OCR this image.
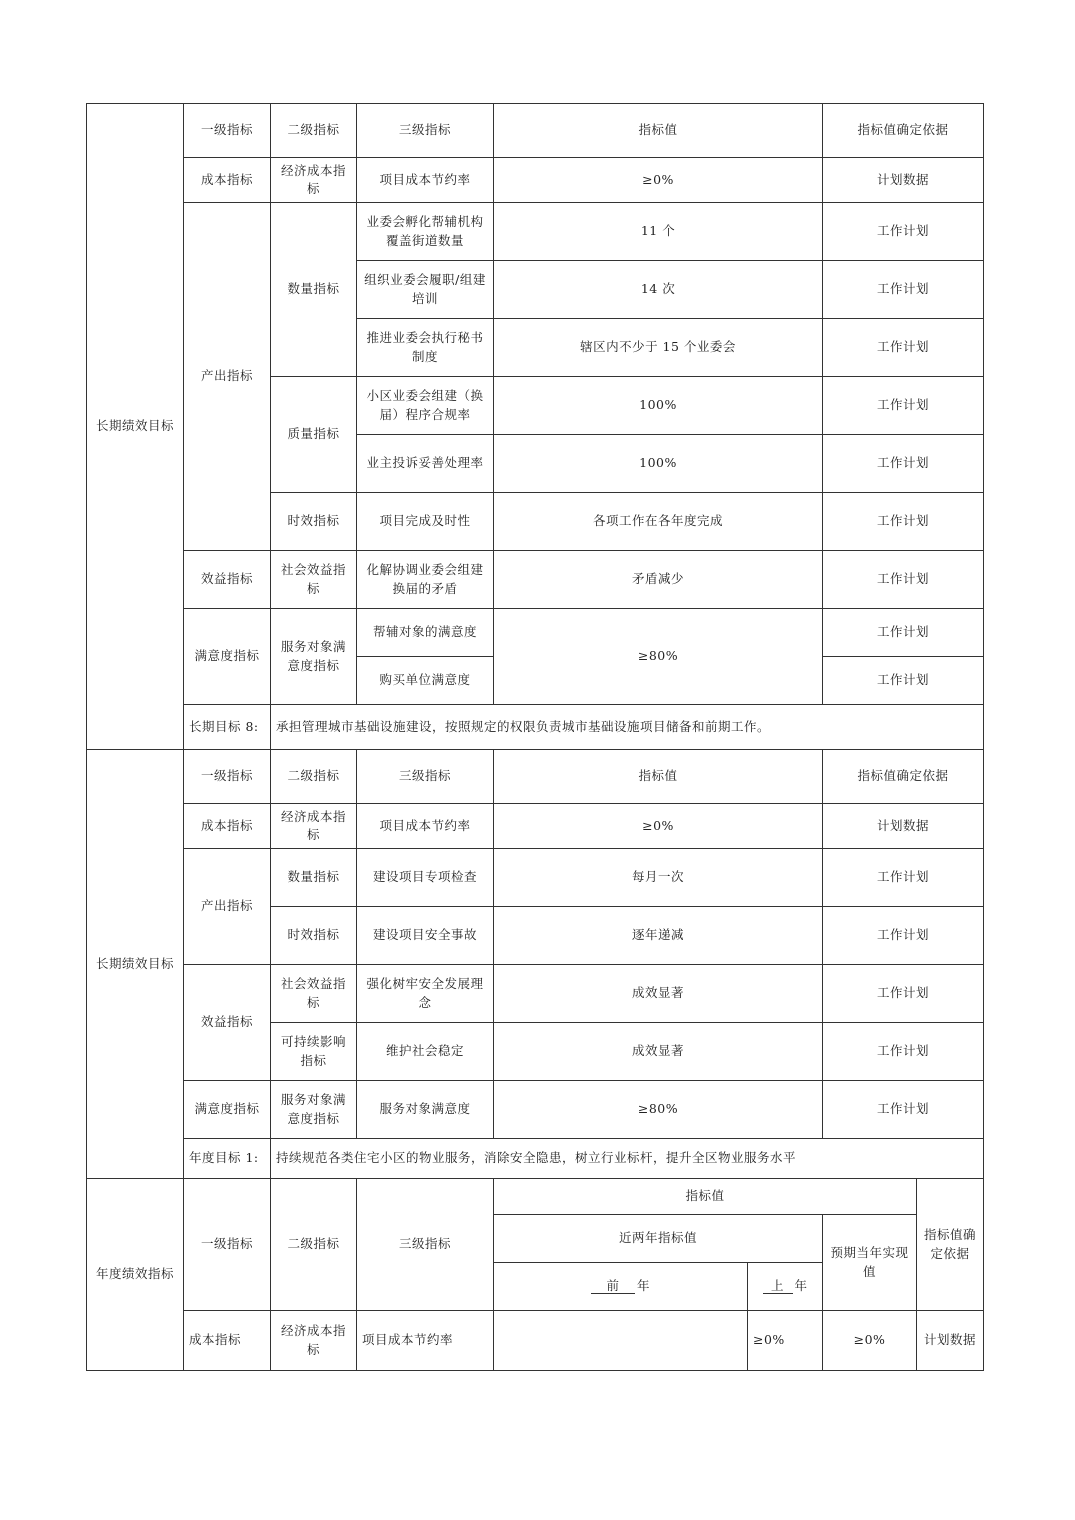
长期绩效目标	一级指标	二级指标	三级指标	指标值		指标值确定依据	
	成本指标	经济成本指标	项目成本节约率	≥0%		计划数据	
	产出指标	数量指标	业委会孵化帮辅机构覆盖街道数量	11 个		工作计划	
			组织业委会履职/组建培训	14 次		工作计划	
			推进业委会执行秘书制度	辖区内不少于 15 个业委会		工作计划	
		质量指标	小区业委会组建（换届）程序合规率	100%		工作计划	
			业主投诉妥善处理率	100%		工作计划	
		时效指标	项目完成及时性	各项工作在各年度完成		工作计划	
	效益指标	社会效益指标	化解协调业委会组建换届的矛盾	矛盾减少		工作计划	
	满意度指标	服务对象满意度指标	帮辅对象的满意度	≥80%		工作计划	
			购买单位满意度			工作计划	
	长期目标 8:	承担管理城市基础设施建设，按照规定的权限负责城市基础设施项目储备和前期工作。					
长期绩效目标	一级指标	二级指标	三级指标	指标值		指标值确定依据	
	成本指标	经济成本指标	项目成本节约率	≥0%		计划数据	
	产出指标	数量指标	建设项目专项检查	每月一次		工作计划	
		时效指标	建设项目安全事故	逐年递减		工作计划	
	效益指标	社会效益指标	强化树牢安全发展理念	成效显著		工作计划	
		可持续影响指标	维护社会稳定	成效显著		工作计划	
	满意度指标	服务对象满意度指标	服务对象满意度	≥80%		工作计划	
	年度目标 1:	持续规范各类住宅小区的物业服务，消除安全隐患，树立行业标杆，提升全区物业服务水平					
年度绩效指标	一级指标	二级指标	三级指标	指标值			指标值确定依据
				近两年指标值		预期当年实现值	
				前 年	上 年		
	成本指标	经济成本指标	项目成本节约率		≥0%	≥0%	计划数据
